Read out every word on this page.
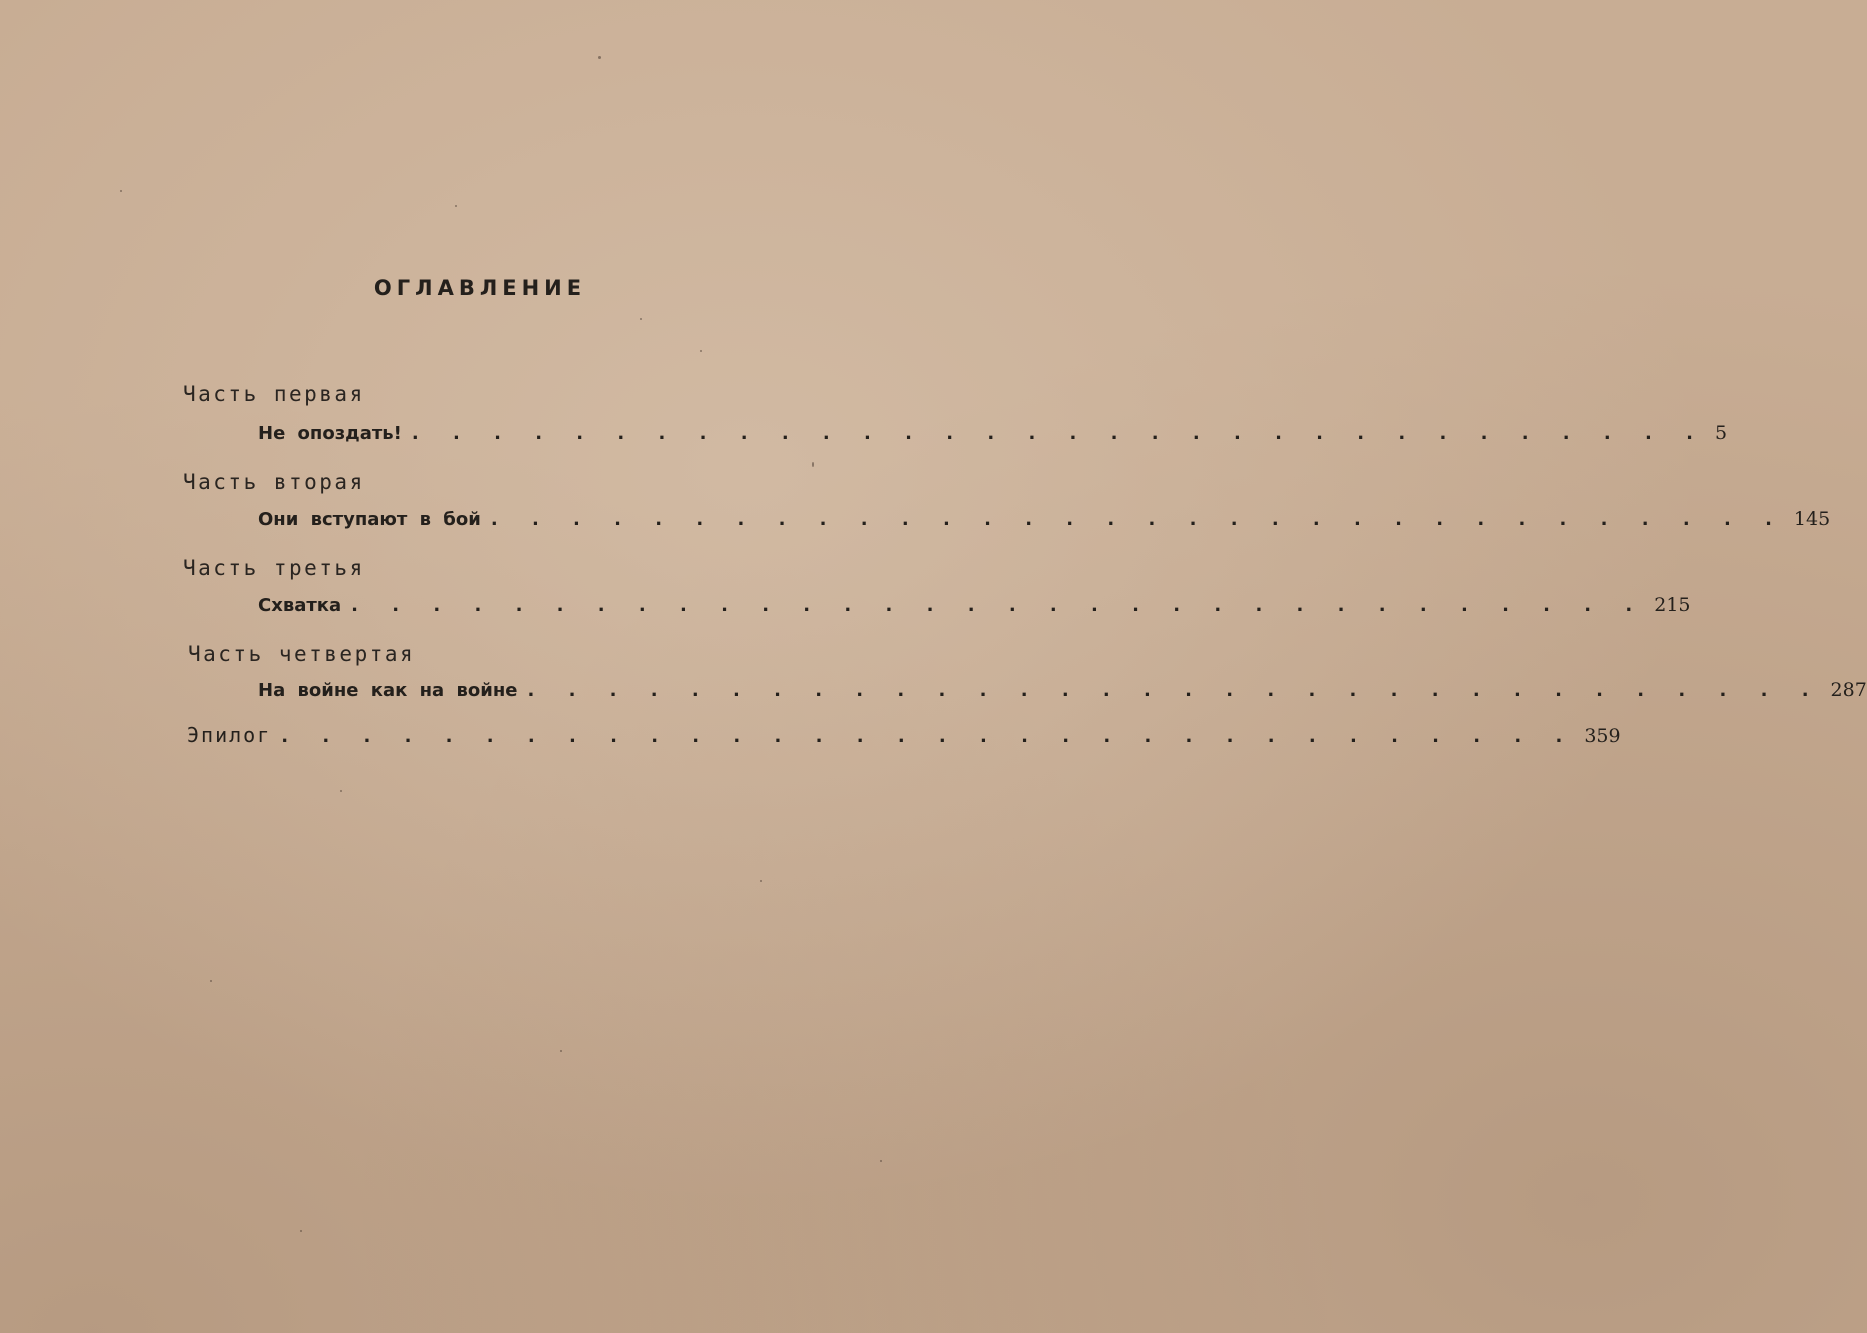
ОГЛАВЛЕНИЕ
Часть первая
Не опоздать! . . . . . . . . . . . . . . . . . . . . . . . . . . . . . . . . 5
Часть вторая
Они вступают в бой . . . . . . . . . . . . . . . . . . . . . . . . . . . . . . . . 145
Часть третья
Схватка . . . . . . . . . . . . . . . . . . . . . . . . . . . . . . . . 215
Часть четвертая
На войне как на войне . . . . . . . . . . . . . . . . . . . . . . . . . . . . . . . . 287
Эпилог . . . . . . . . . . . . . . . . . . . . . . . . . . . . . . . . 359
